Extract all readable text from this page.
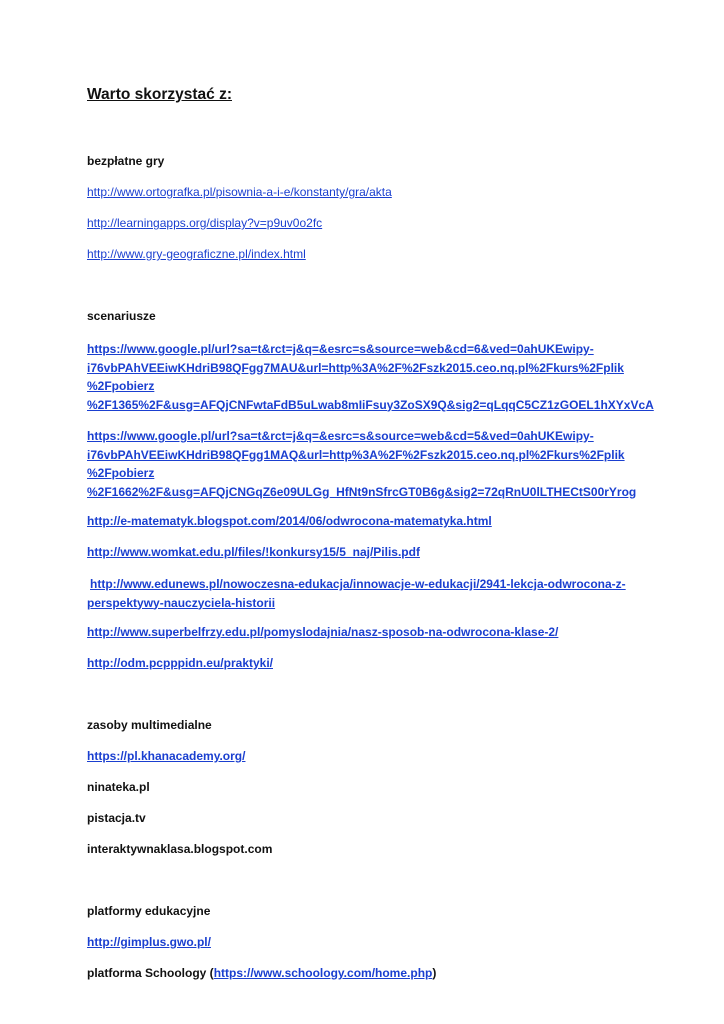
Warto skorzystać z:
bezpłatne gry
http://www.ortografka.pl/pisownia-a-i-e/konstanty/gra/akta
http://learningapps.org/display?v=p9uv0o2fc
http://www.gry-geograficzne.pl/index.html
scenariusze
https://www.google.pl/url?sa=t&rct=j&q=&esrc=s&source=web&cd=6&ved=0ahUKEwipy-
i76vbPAhVEEiwKHdriB98QFgg7MAU&url=http%3A%2F%2Fszk2015.ceo.nq.pl%2Fkurs%2Fplik
%2Fpobierz
%2F1365%2F&usg=AFQjCNFwtaFdB5uLwab8mIiFsuy3ZoSX9Q&sig2=qLqqC5CZ1zGOEL1hXYxVcA
https://www.google.pl/url?sa=t&rct=j&q=&esrc=s&source=web&cd=5&ved=0ahUKEwipy-
i76vbPAhVEEiwKHdriB98QFgg1MAQ&url=http%3A%2F%2Fszk2015.ceo.nq.pl%2Fkurs%2Fplik
%2Fpobierz
%2F1662%2F&usg=AFQjCNGqZ6e09ULGg_HfNt9nSfrcGT0B6g&sig2=72qRnU0lLTHECtS00rYrog
http://e-matematyk.blogspot.com/2014/06/odwrocona-matematyka.html
http://www.womkat.edu.pl/files/!konkursy15/5_naj/Pilis.pdf
http://www.edunews.pl/nowoczesna-edukacja/innowacje-w-edukacji/2941-lekcja-odwrocona-z-
perspektywy-nauczyciela-historii
http://www.superbelfrzy.edu.pl/pomyslodajnia/nasz-sposob-na-odwrocona-klase-2/
http://odm.pcpppidn.eu/praktyki/
zasoby multimedialne
https://pl.khanacademy.org/
ninateka.pl
pistacja.tv
interaktywnaklasa.blogspot.com
platformy edukacyjne
http://gimplus.gwo.pl/
platforma Schoology (https://www.schoology.com/home.php)
